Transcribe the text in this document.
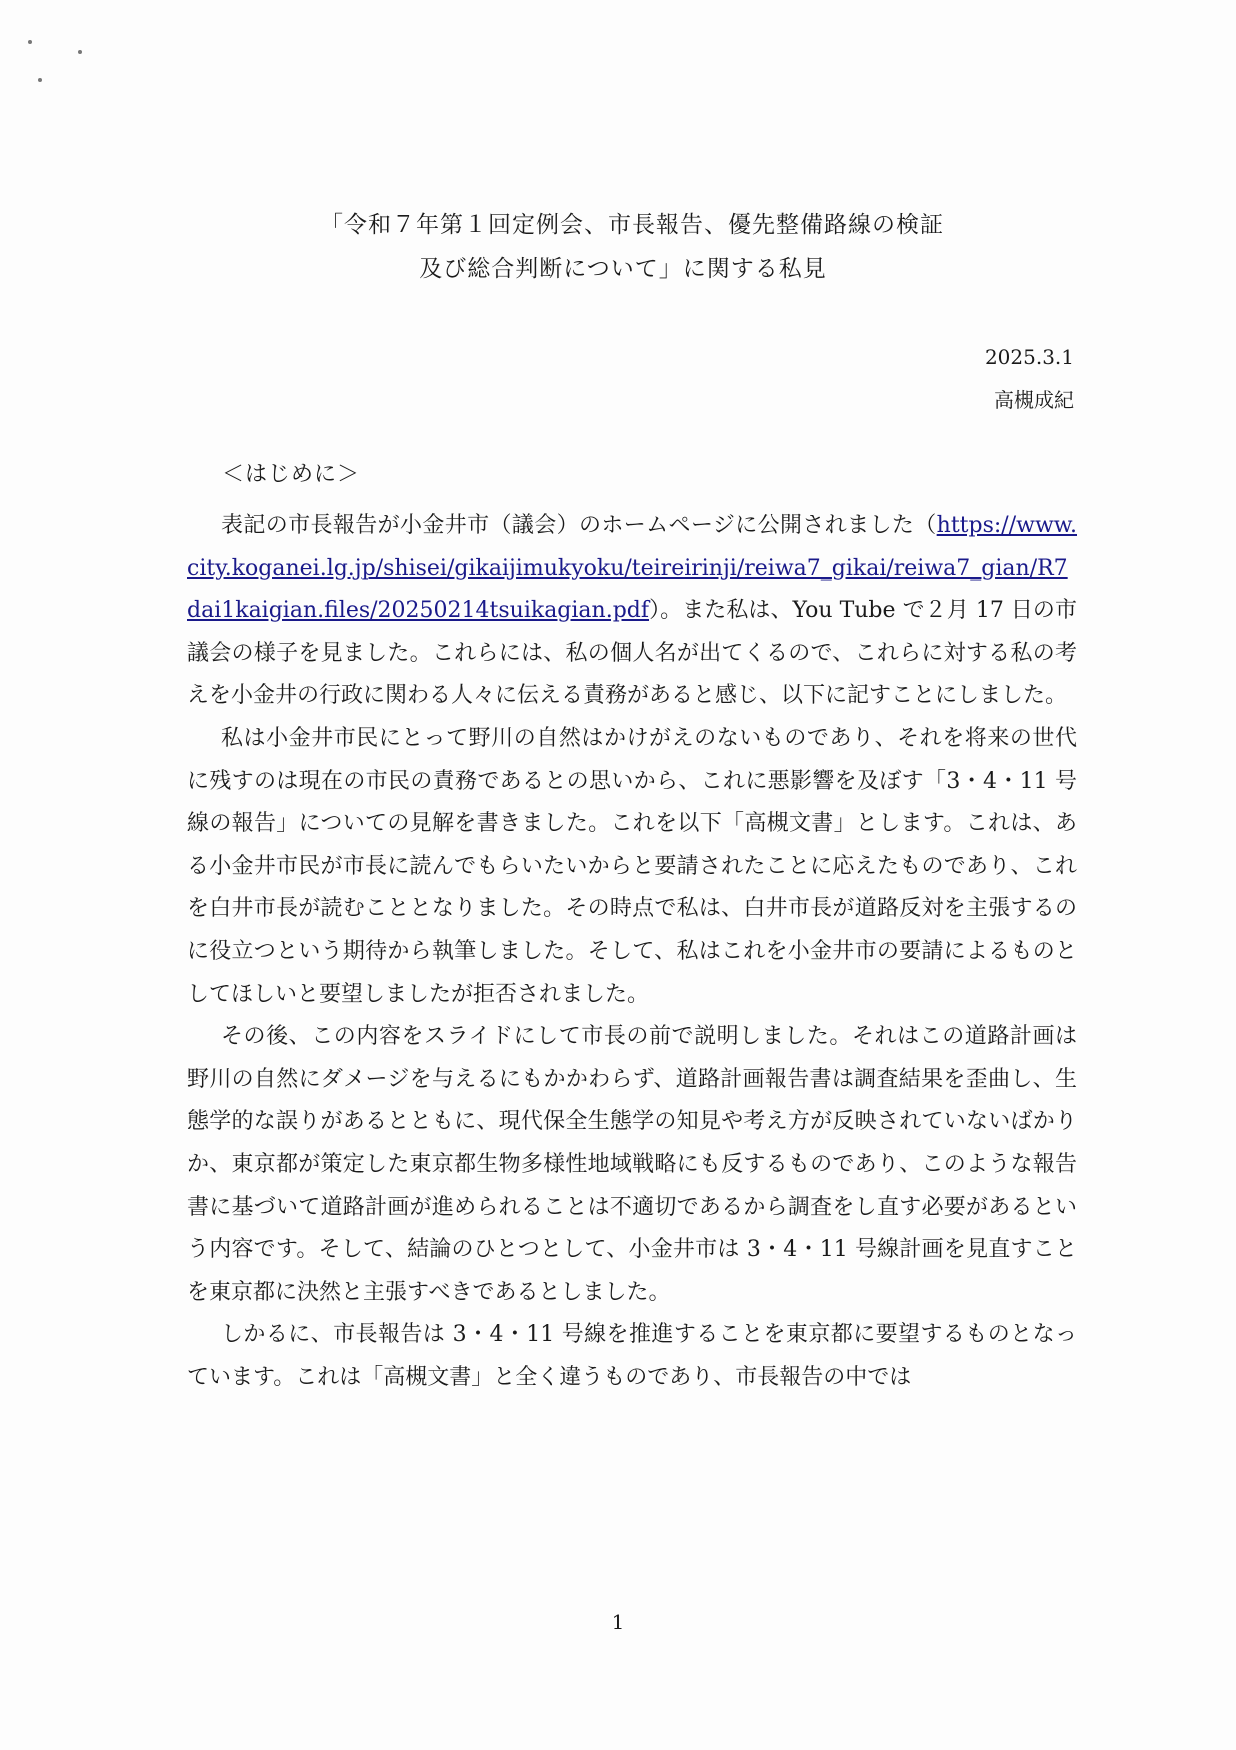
「令和７年第１回定例会、市長報告、優先整備路線の検証
及び総合判断について」に関する私見
2025.3.1
高槻成紀
＜はじめに＞

表記の市長報告が小金井市（議会）のホームページに公開されました（https://www.city.koganei.lg.jp/shisei/gikaijimukyoku/teireirinji/reiwa7_gikai/reiwa7_gian/R7dai1kaigian.files/20250214tsuikagian.pdf）。また私は、You Tube で２月 17 日の市議会の様子を見ました。これらには、私の個人名が出てくるので、これらに対する私の考えを小金井の行政に関わる人々に伝える責務があると感じ、以下に記すことにしました。

私は小金井市民にとって野川の自然はかけがえのないものであり、それを将来の世代に残すのは現在の市民の責務であるとの思いから、これに悪影響を及ぼす「3・4・11 号線の報告」についての見解を書きました。これを以下「高槻文書」とします。これは、ある小金井市民が市長に読んでもらいたいからと要請されたことに応えたものであり、これを白井市長が読むこととなりました。その時点で私は、白井市長が道路反対を主張するのに役立つという期待から執筆しました。そして、私はこれを小金井市の要請によるものとしてほしいと要望しましたが拒否されました。

その後、この内容をスライドにして市長の前で説明しました。それはこの道路計画は野川の自然にダメージを与えるにもかかわらず、道路計画報告書は調査結果を歪曲し、生態学的な誤りがあるとともに、現代保全生態学の知見や考え方が反映されていないばかりか、東京都が策定した東京都生物多様性地域戦略にも反するものであり、このような報告書に基づいて道路計画が進められることは不適切であるから調査をし直す必要があるという内容です。そして、結論のひとつとして、小金井市は 3・4・11 号線計画を見直すことを東京都に決然と主張すべきであるとしました。

しかるに、市長報告は 3・4・11 号線を推進することを東京都に要望するものとなっています。これは「高槻文書」と全く違うものであり、市長報告の中では

1
